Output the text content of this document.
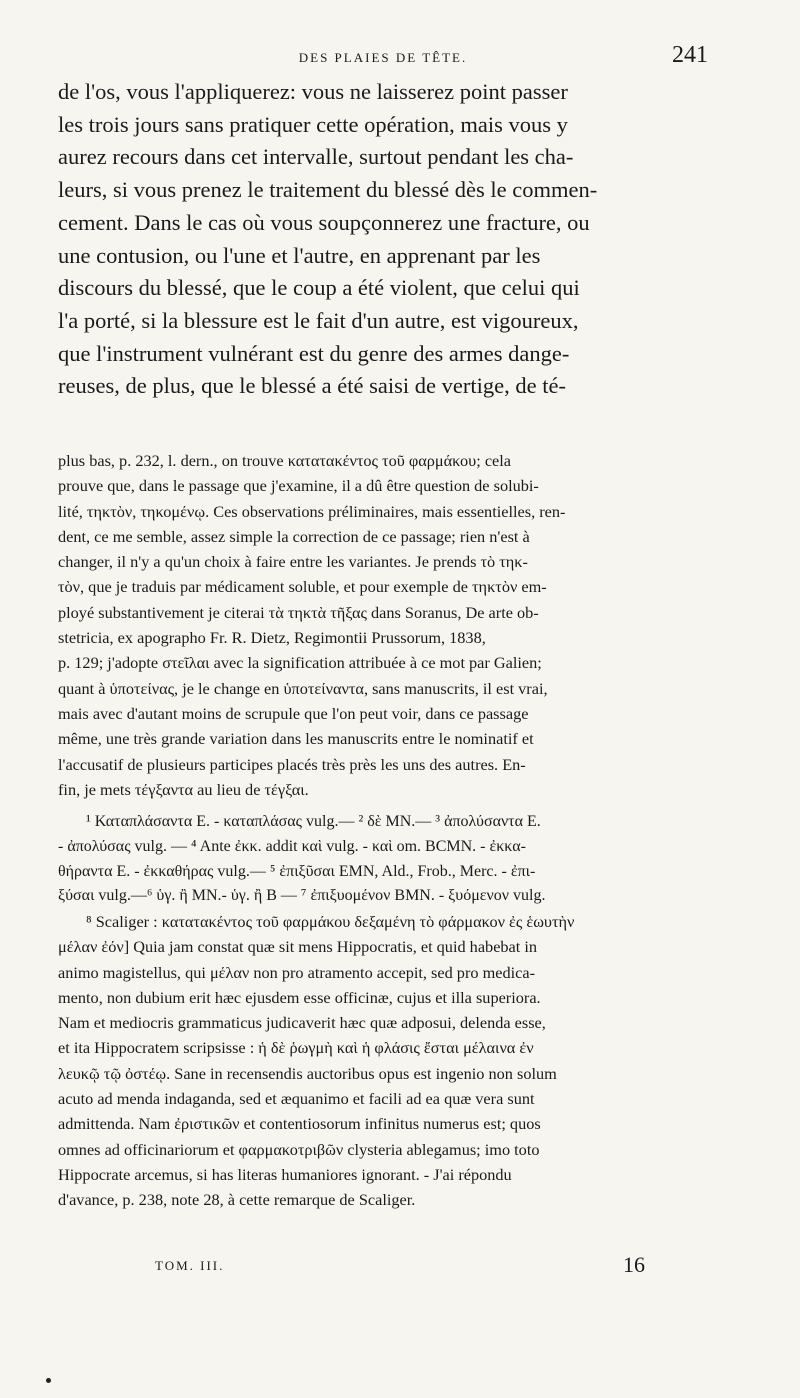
DES PLAIES DE TÊTE.	241
de l'os, vous l'appliquerez: vous ne laisserez point passer
les trois jours sans pratiquer cette opération, mais vous y
aurez recours dans cet intervalle, surtout pendant les cha-
leurs, si vous prenez le traitement du blessé dès le commen-
cement. Dans le cas où vous soupçonnerez une fracture, ou
une contusion, ou l'une et l'autre, en apprenant par les
discours du blessé, que le coup a été violent, que celui qui
l'a porté, si la blessure est le fait d'un autre, est vigoureux,
que l'instrument vulnérant est du genre des armes dange-
reuses, de plus, que le blessé a été saisi de vertige, de té-
plus bas, p. 232, l. dern., on trouve κατατακέντος τοῦ φαρμάκου; cela
prouve que, dans le passage que j'examine, il a dû être question de solubi-
lité, τηκτὸν, τηκομένῳ. Ces observations préliminaires, mais essentielles, ren-
dent, ce me semble, assez simple la correction de ce passage; rien n'est à
changer, il n'y a qu'un choix à faire entre les variantes. Je prends τὸ τηκ-
τὸν, que je traduis par médicament soluble, et pour exemple de τηκτὸν em-
ployé substantivement je citerai τὰ τηκτὰ τῆξας dans Soranus, De arte ob-
stetricia, ex apographo Fr. R. Dietz, Regimontii Prussorum, 1838,
p. 129; j'adopte στεῖλαι avec la signification attribuée à ce mot par Galien;
quant à ὑποτείνας, je le change en ὑποτείναντα, sans manuscrits, il est vrai,
mais avec d'autant moins de scrupule que l'on peut voir, dans ce passage
même, une très grande variation dans les manuscrits entre le nominatif et
l'accusatif de plusieurs participes placés très près les uns des autres. En-
fin, je mets τέγξαντα au lieu de τέγξαι.
¹ Καταπλάσαντα E. - καταπλάσας vulg.— ² δὲ MN.— ³ ἀπολύσαντα E.
- ἀπολύσας vulg. — ⁴ Ante ἐκκ. addit καὶ vulg. - καὶ om. BCMN. - ἐκκα-
θήραντα E. - ἐκκαθήρας vulg.— ⁵ ἐπιξῦσαι EMN, Ald., Frob., Merc. - ἐπι-
ξύσαι vulg.—⁶ ὑγ. ἢ MN.- ὑγ. ἢ B — ⁷ ἐπιξυομένον BMN. - ξυόμενον vulg.
⁸ Scaliger : κατατακέντος τοῦ φαρμάκου δεξαμένη τὸ φάρμακον ἐς ἑωυτὴν
μέλαν ἐόν] Quia jam constat quæ sit mens Hippocratis, et quid habebat in
animo magistellus, qui μέλαν non pro atramento accepit, sed pro medica-
mento, non dubium erit hæc ejusdem esse officinæ, cujus et illa superiora.
Nam et mediocris grammaticus judicaverit hæc quæ adposui, delenda esse,
et ita Hippocratem scripsisse : ἡ δὲ ῥωγμὴ καὶ ἡ φλάσις ἔσται μέλαινα ἐν
λευκῷ τῷ ὀστέῳ. Sane in recensendis auctoribus opus est ingenio non solum
acuto ad menda indaganda, sed et æquanimo et facili ad ea quæ vera sunt
admittenda. Nam ἐριστικῶν et contentiosorum infinitus numerus est; quos
omnes ad officinariorum et φαρμακοτριβῶν clysteria ablegamus; imo toto
Hippocrate arcemus, si has literas humaniores ignorant. - J'ai répondu
d'avance, p. 238, note 28, à cette remarque de Scaliger.
TOM. III.	16
